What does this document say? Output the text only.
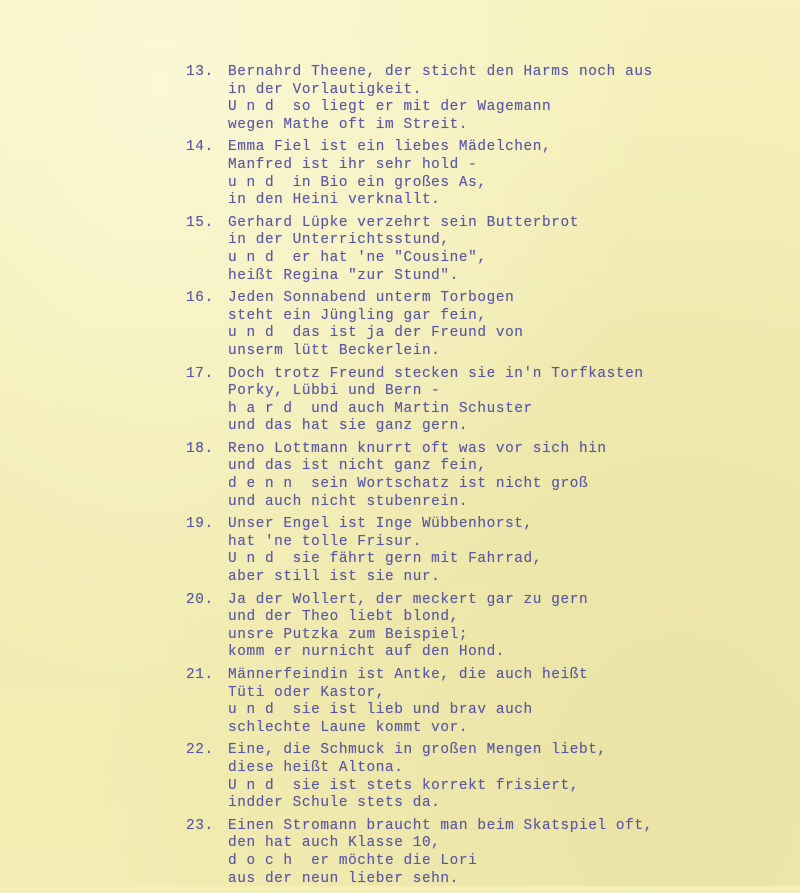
13. Bernahrd Theene, der sticht den Harms noch aus
in der Vorlautigkeit.
U n d  so liegt er mit der Wagemann
wegen Mathe oft im Streit.
14. Emma Fiel ist ein liebes Mädelchen,
Manfred ist ihr sehr hold -
u n d  in Bio ein großes As,
in den Heini verknallt.
15. Gerhard Lüpke verzehrt sein Butterbrot
in der Unterrichtsstund,
u n d  er hat 'ne "Cousine",
heißt Regina "zur Stund".
16. Jeden Sonnabend unterm Torbogen
steht ein Jüngling gar fein,
u n d  das ist ja der Freund von
unserm lütt Beckerlein.
17. Doch trotz Freund stecken sie in'n Torfkasten
Porky, Lübbi und Bern -
h a r d  und auch Martin Schuster
und das hat sie ganz gern.
18. Reno Lottmann knurrt oft was vor sich hin
und das ist nicht ganz fein,
d e n n  sein Wortschatz ist nicht groß
und auch nicht stubenrein.
19. Unser Engel ist Inge Wübbenhorst,
hat 'ne tolle Frisur.
U n d  sie fährt gern mit Fahrrad,
aber still ist sie nur.
20. Ja der Wollert, der meckert gar zu gern
und der Theo liebt blond,
unsre Putzka zum Beispiel;
komm er nurnicht auf den Hond.
21. Männerfeindin ist Antke, die auch heißt
Tüti oder Kastor,
u n d  sie ist lieb und brav auch
schlechte Laune kommt vor.
22. Eine, die Schmuck in großen Mengen liebt,
diese heißt Altona.
U n d  sie ist stets korrekt frisiert,
indder Schule stets da.
23. Einen Stromann braucht man beim Skatspiel oft,
den hat auch Klasse 10,
d o c h  er möchte die Lori
aus der neun lieber sehn.
